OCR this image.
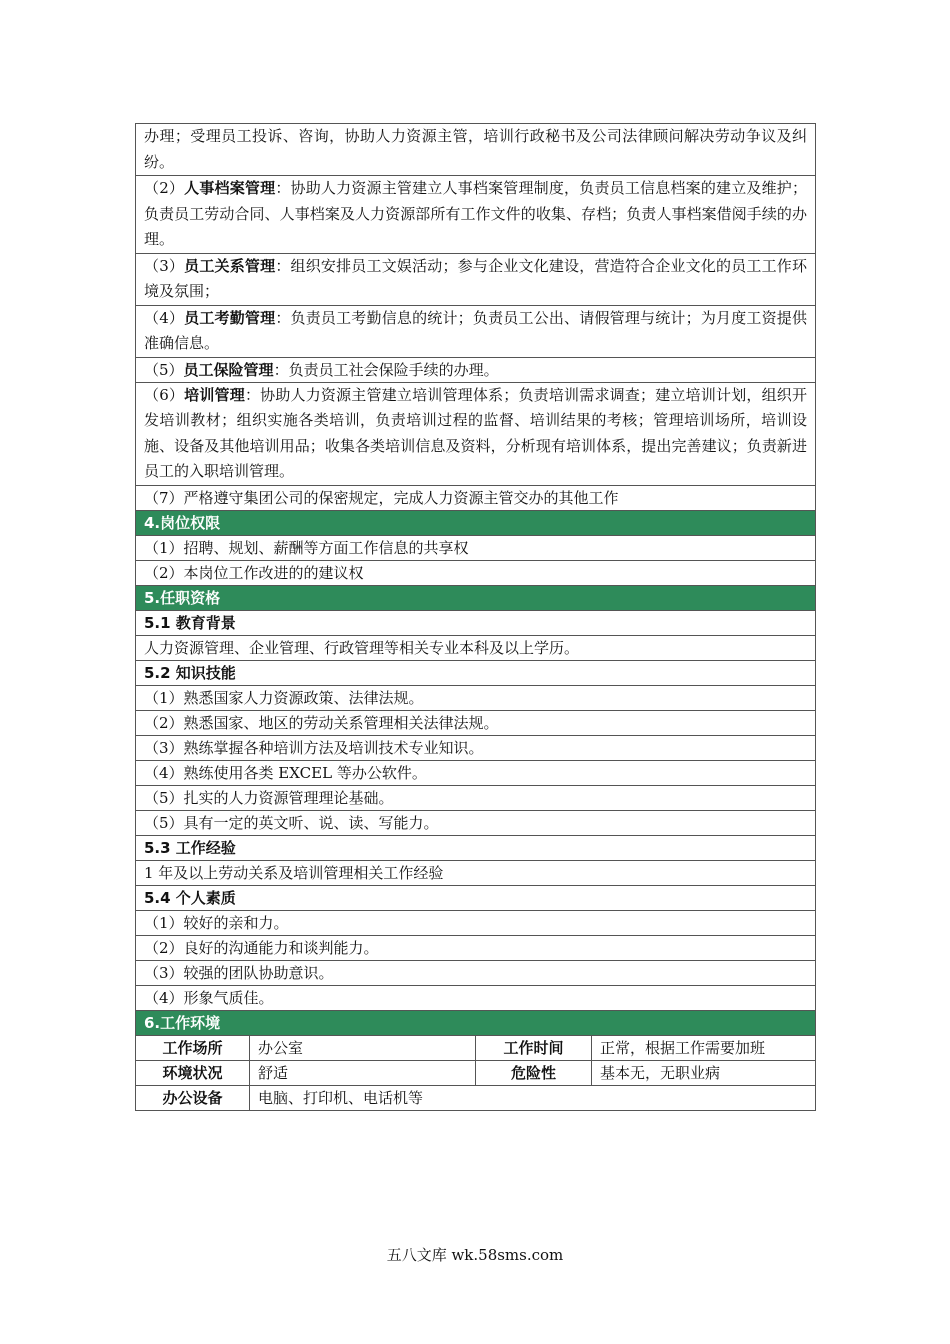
办理；受理员工投诉、咨询，协助人力资源主管，培训行政秘书及公司法律顾问解决劳动争议及纠纷。			
（2）人事档案管理：协助人力资源主管建立人事档案管理制度，负责员工信息档案的建立及维护；负责员工劳动合同、人事档案及人力资源部所有工作文件的收集、存档；负责人事档案借阅手续的办理。			
（3）员工关系管理：组织安排员工文娱活动；参与企业文化建设，营造符合企业文化的员工工作环境及氛围；			
（4）员工考勤管理：负责员工考勤信息的统计；负责员工公出、请假管理与统计；为月度工资提供准确信息。			
（5）员工保险管理：负责员工社会保险手续的办理。			
（6）培训管理：协助人力资源主管建立培训管理体系；负责培训需求调查；建立培训计划，组织开发培训教材；组织实施各类培训，负责培训过程的监督、培训结果的考核；管理培训场所，培训设施、设备及其他培训用品；收集各类培训信息及资料，分析现有培训体系，提出完善建议；负责新进员工的入职培训管理。			
（7）严格遵守集团公司的保密规定，完成人力资源主管交办的其他工作			
4.岗位权限			
（1）招聘、规划、薪酬等方面工作信息的共享权			
（2）本岗位工作改进的的建议权			
5.任职资格			
5.1 教育背景			
人力资源管理、企业管理、行政管理等相关专业本科及以上学历。			
5.2 知识技能			
（1）熟悉国家人力资源政策、法律法规。			
（2）熟悉国家、地区的劳动关系管理相关法律法规。			
（3）熟练掌握各种培训方法及培训技术专业知识。			
（4）熟练使用各类 EXCEL 等办公软件。			
（5）扎实的人力资源管理理论基础。			
（5）具有一定的英文听、说、读、写能力。			
5.3 工作经验			
1 年及以上劳动关系及培训管理相关工作经验			
5.4 个人素质			
（1）较好的亲和力。			
（2）良好的沟通能力和谈判能力。			
（3）较强的团队协助意识。			
（4）形象气质佳。			
6.工作环境			
工作场所	办公室	工作时间	正常，根据工作需要加班
环境状况	舒适	危险性	基本无，无职业病
办公设备	电脑、打印机、电话机等		
五八文库 wk.58sms.com
